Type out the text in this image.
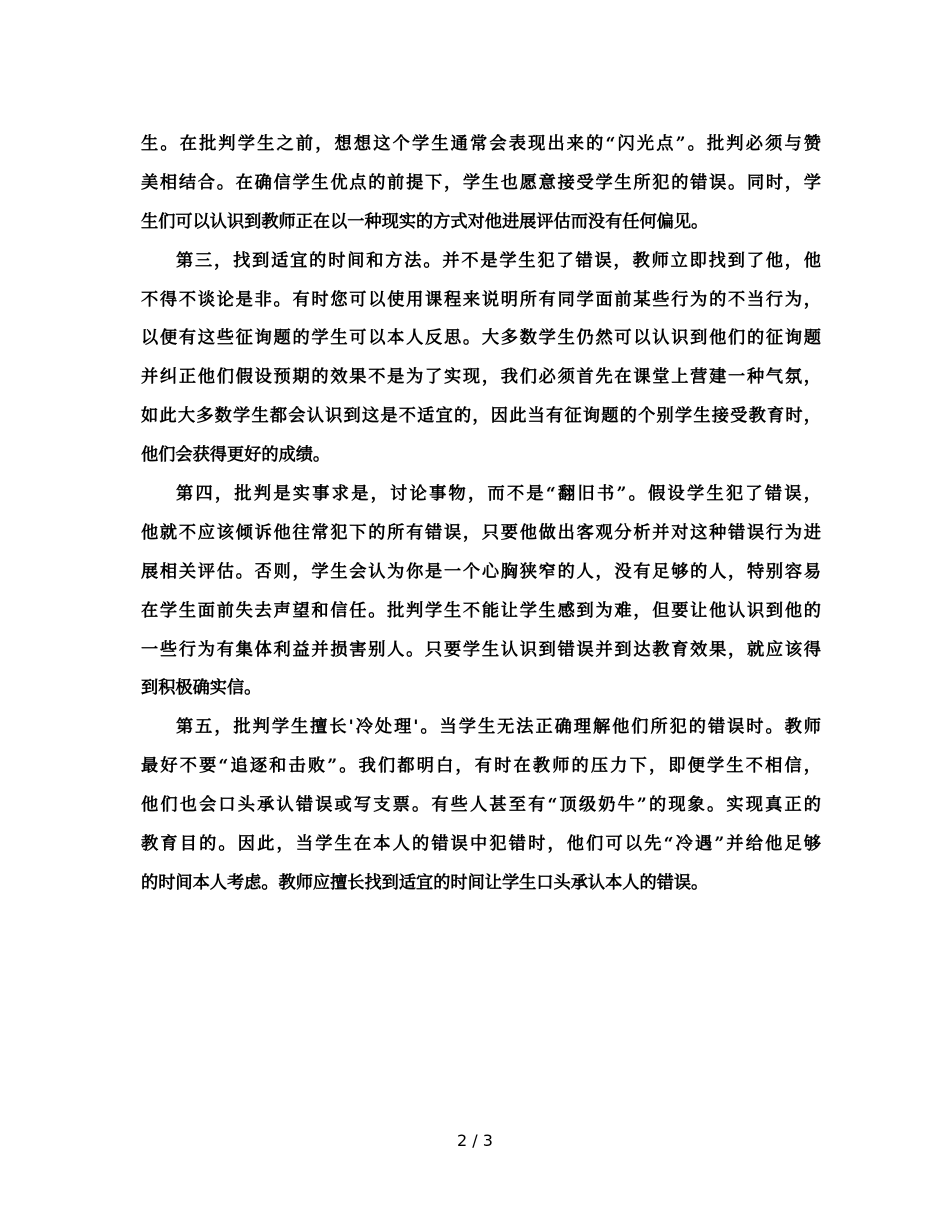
生。在批判学生之前，想想这个学生通常会表现出来的“闪光点”。批判必须与赞
美相结合。在确信学生优点的前提下，学生也愿意接受学生所犯的错误。同时，学
生们可以认识到教师正在以一种现实的方式对他进展评估而没有任何偏见。

第三，找到适宜的时间和方法。并不是学生犯了错误，教师立即找到了他，他
不得不谈论是非。有时您可以使用课程来说明所有同学面前某些行为的不当行为，
以便有这些征询题的学生可以本人反思。大多数学生仍然可以认识到他们的征询题
并纠正他们假设预期的效果不是为了实现，我们必须首先在课堂上营建一种气氛，
如此大多数学生都会认识到这是不适宜的，因此当有征询题的个别学生接受教育时，
他们会获得更好的成绩。

第四，批判是实事求是，讨论事物，而不是“翻旧书”。假设学生犯了错误，
他就不应该倾诉他往常犯下的所有错误，只要他做出客观分析并对这种错误行为进
展相关评估。否则，学生会认为你是一个心胸狭窄的人，没有足够的人，特别容易
在学生面前失去声望和信任。批判学生不能让学生感到为难，但要让他认识到他的
一些行为有集体利益并损害别人。只要学生认识到错误并到达教育效果，就应该得
到积极确实信。

第五，批判学生擅长'冷处理'。当学生无法正确理解他们所犯的错误时。教师
最好不要“追逐和击败”。我们都明白，有时在教师的压力下，即便学生不相信，
他们也会口头承认错误或写支票。有些人甚至有“顶级奶牛”的现象。实现真正的
教育目的。因此，当学生在本人的错误中犯错时，他们可以先“冷遇”并给他足够
的时间本人考虑。教师应擅长找到适宜的时间让学生口头承认本人的错误。

2 / 3
